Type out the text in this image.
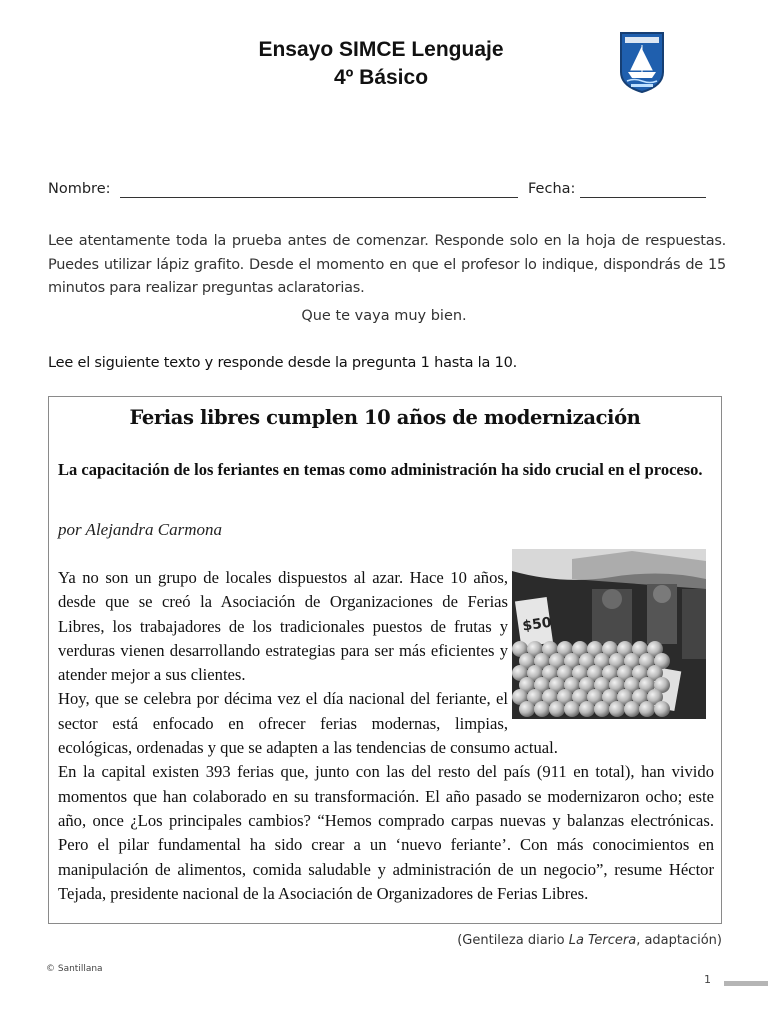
Ensayo SIMCE Lenguaje
4º Básico
Nombre:	Fecha:
Lee atentamente toda la prueba antes de comenzar. Responde solo en la hoja de respuestas. Puedes utilizar lápiz grafito. Desde el momento en que el profesor lo indique, dispondrás de 15 minutos para realizar preguntas aclaratorias.
Que te vaya muy bien.
Lee el siguiente texto y responde desde la pregunta 1 hasta la 10.
Ferias libres cumplen 10 años de modernización
La capacitación de los feriantes en temas como administración ha sido crucial en el proceso.
por Alejandra Carmona

Ya no son un grupo de locales dispuestos al azar. Hace 10 años, desde que se creó la Asociación de Organizaciones de Ferias Libres, los trabajadores de los tradicionales puestos de frutas y verduras vienen desarrollando estrategias para ser más eficientes y atender mejor a sus clientes.

Hoy, que se celebra por décima vez el día nacional del feriante, el sector está enfocado en ofrecer ferias modernas, limpias, ecológicas, ordenadas y que se adapten a las tendencias de consumo actual.

En la capital existen 393 ferias que, junto con las del resto del país (911 en total), han vivido momentos que han colaborado en su transformación. El año pasado se modernizaron ocho; este año, once ¿Los principales cambios? “Hemos comprado carpas nuevas y balanzas electrónicas. Pero el pilar fundamental ha sido crear a un ‘nuevo feriante’. Con más conocimientos en manipulación de alimentos, comida saludable y administración de un negocio”, resume Héctor Tejada, presidente nacional de la Asociación de Organizadores de Ferias Libres.

$50
(Gentileza diario La Tercera, adaptación)
© Santillana
1
